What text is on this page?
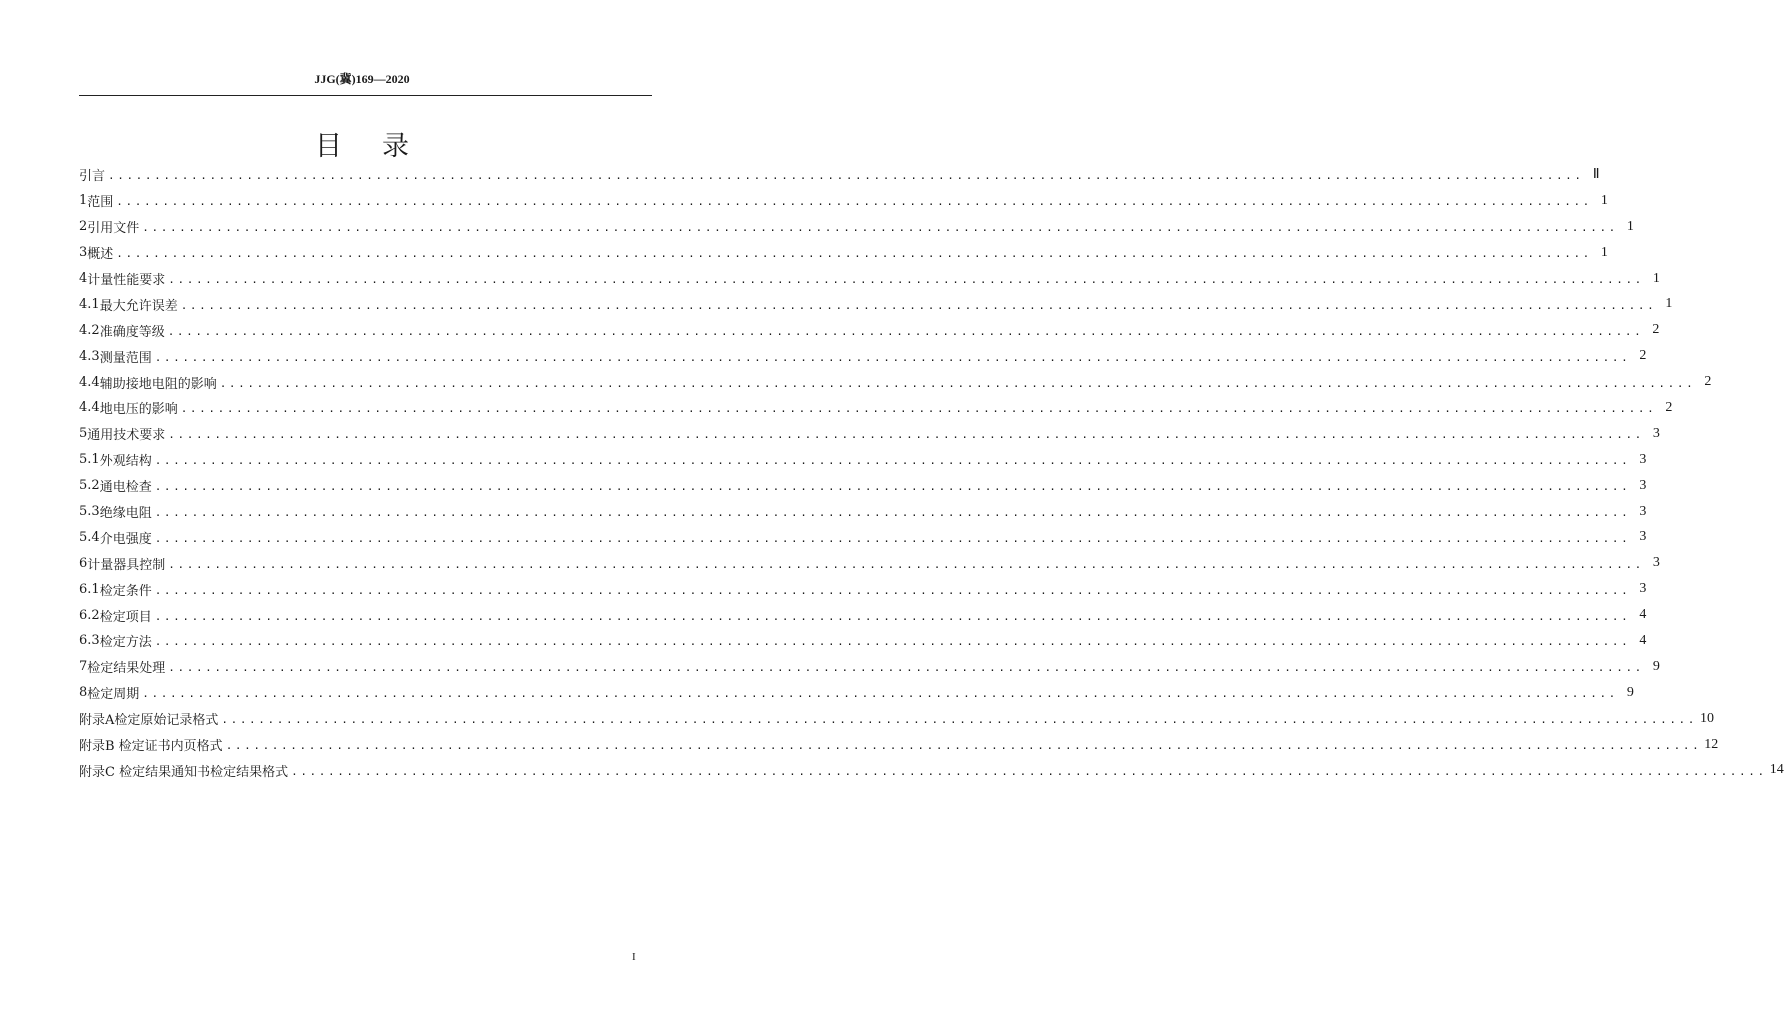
JJG(冀)169—2020
目录
引言 ................................................................................................................................................................ Ⅱ
1 范围 ................................................................................................................................................................ 1
2 引用文件 ................................................................................................................................................................ 1
3 概述 ................................................................................................................................................................ 1
4 计量性能要求 ................................................................................................................................................................ 1
4.1 最大允许误差 ................................................................................................................................................................ 1
4.2 准确度等级 ................................................................................................................................................................ 2
4.3 测量范围 ................................................................................................................................................................ 2
4.4 辅助接地电阻的影响 ................................................................................................................................................................ 2
4.4 地电压的影响 ................................................................................................................................................................ 2
5 通用技术要求 ................................................................................................................................................................ 3
5.1 外观结构 ................................................................................................................................................................ 3
5.2 通电检查 ................................................................................................................................................................ 3
5.3 绝缘电阻 ................................................................................................................................................................ 3
5.4 介电强度 ................................................................................................................................................................ 3
6 计量器具控制 ................................................................................................................................................................ 3
6.1 检定条件 ................................................................................................................................................................ 3
6.2 检定项目 ................................................................................................................................................................ 4
6.3 检定方法 ................................................................................................................................................................ 4
7 检定结果处理 ................................................................................................................................................................ 9
8 检定周期 ................................................................................................................................................................ 9
附录A检定原始记录格式 ................................................................................................................................................................ 10
附录B 检定证书内页格式 ................................................................................................................................................................ 12
附录C 检定结果通知书检定结果格式 ................................................................................................................................................................ 14
I
